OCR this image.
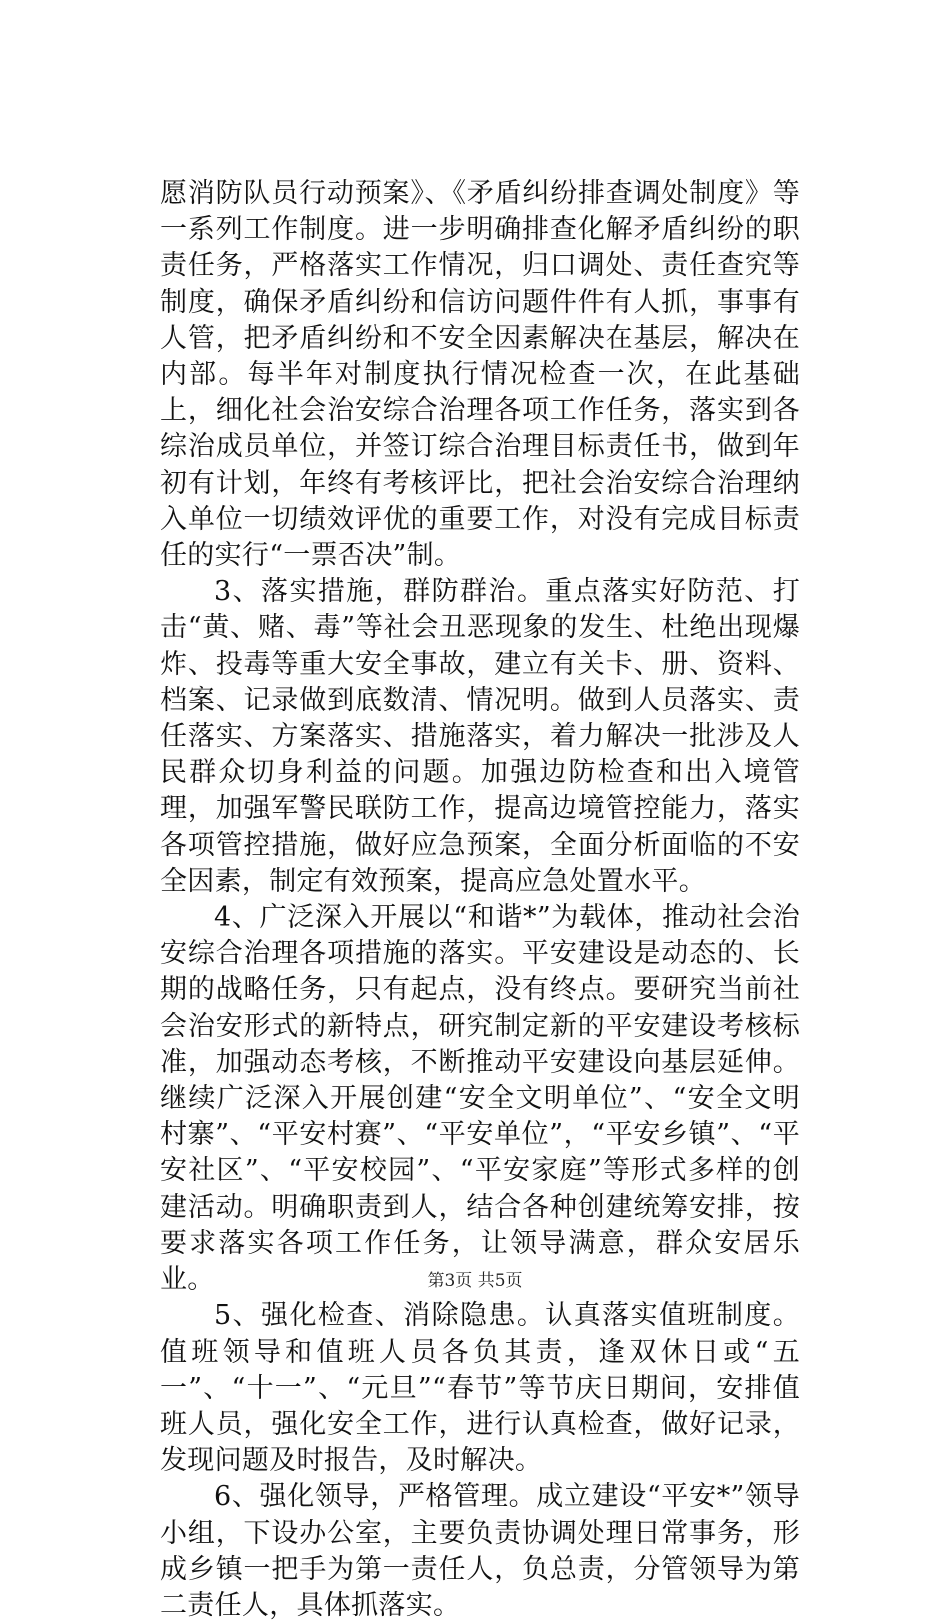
愿消防队员行动预案》、《矛盾纠纷排查调处制度》等一系列工作制度。进一步明确排查化解矛盾纠纷的职责任务，严格落实工作情况，归口调处、责任查究等制度，确保矛盾纠纷和信访问题件件有人抓，事事有人管，把矛盾纠纷和不安全因素解决在基层，解决在内部。每半年对制度执行情况检查一次，在此基础上，细化社会治安综合治理各项工作任务，落实到各综治成员单位，并签订综合治理目标责任书，做到年初有计划，年终有考核评比，把社会治安综合治理纳入单位一切绩效评优的重要工作，对没有完成目标责任的实行“一票否决”制。

3、落实措施，群防群治。重点落实好防范、打击“黄、赌、毒”等社会丑恶现象的发生、杜绝出现爆炸、投毒等重大安全事故，建立有关卡、册、资料、档案、记录做到底数清、情况明。做到人员落实、责任落实、方案落实、措施落实，着力解决一批涉及人民群众切身利益的问题。加强边防检查和出入境管理，加强军警民联防工作，提高边境管控能力，落实各项管控措施，做好应急预案，全面分析面临的不安全因素，制定有效预案，提高应急处置水平。

4、广泛深入开展以“和谐*”为载体，推动社会治安综合治理各项措施的落实。平安建设是动态的、长期的战略任务，只有起点，没有终点。要研究当前社会治安形式的新特点，研究制定新的平安建设考核标准，加强动态考核，不断推动平安建设向基层延伸。继续广泛深入开展创建“安全文明单位”、“安全文明村寨”、“平安村赛”、“平安单位”，“平安乡镇”、“平安社区”、“平安校园”、“平安家庭”等形式多样的创建活动。明确职责到人，结合各种创建统筹安排，按要求落实各项工作任务，让领导满意，群众安居乐业。

5、强化检查、消除隐患。认真落实值班制度。值班领导和值班人员各负其责，逢双休日或“五一”、“十一”、“元旦”“春节”等节庆日期间，安排值班人员，强化安全工作，进行认真检查，做好记录，发现问题及时报告，及时解决。

6、强化领导，严格管理。成立建设“平安*”领导小组，下设办公室，主要负责协调处理日常事务，形成乡镇一把手为第一责任人，负总责，分管领导为第二责任人，具体抓落实。

第3页 共5页
